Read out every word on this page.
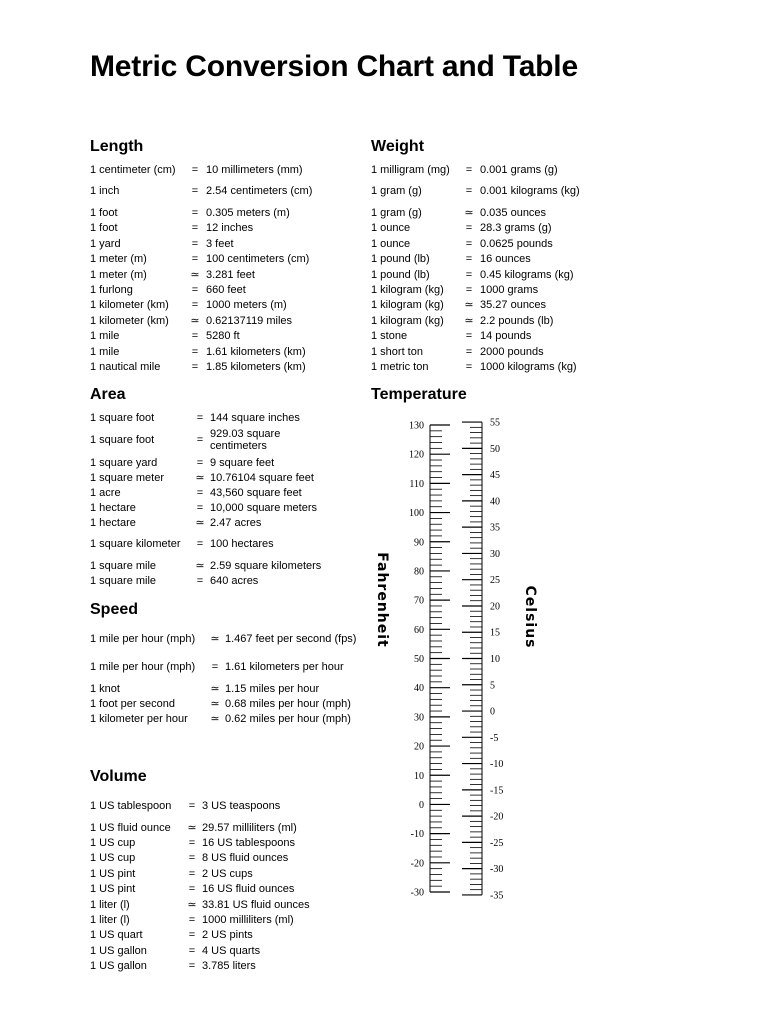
Metric Conversion Chart and Table
Length
1 centimeter (cm)	=	10 millimeters (mm)
1 inch	=	2.54 centimeters (cm)
1 foot	=	0.305 meters (m)
1 foot	=	12 inches
1 yard	=	3 feet
1 meter (m)	=	100 centimeters (cm)
1 meter (m)	≃	3.281 feet
1 furlong	=	660 feet
1 kilometer (km)	=	1000 meters (m)
1 kilometer (km)	≃	0.62137119 miles
1 mile	=	5280 ft
1 mile	=	1.61 kilometers (km)
1 nautical mile	=	1.85 kilometers (km)
Weight
1 milligram (mg)	=	0.001 grams (g)
1 gram (g)	=	0.001 kilograms (kg)
1 gram (g)	≃	0.035 ounces
1 ounce	=	28.3 grams (g)
1 ounce	=	0.0625 pounds
1 pound (lb)	=	16 ounces
1 pound (lb)	=	0.45 kilograms (kg)
1 kilogram (kg)	=	1000 grams
1 kilogram (kg)	≃	35.27 ounces
1 kilogram (kg)	≃	2.2 pounds (lb)
1 stone	=	14 pounds
1 short ton	=	2000 pounds
1 metric ton	=	1000 kilograms (kg)
Area
1 square foot	=	144 square inches
1 square foot	=	929.03 square centimeters
1 square yard	=	9 square feet
1 square meter	≃	10.76104 square feet
1 acre	=	43,560 square feet
1 hectare	=	10,000 square meters
1 hectare	≃	2.47 acres
1 square kilometer	=	100 hectares
1 square mile	≃	2.59 square kilometers
1 square mile	=	640 acres
Speed
1 mile per hour (mph)	≃	1.467 feet per second (fps)
1 mile per hour (mph)	=	1.61 kilometers per hour
1 knot	≃	1.15 miles per hour
1 foot per second	≃	0.68 miles per hour (mph)
1 kilometer per hour	≃	0.62 miles per hour (mph)
Volume
1 US tablespoon	=	3 US teaspoons
1 US fluid ounce	≃	29.57 milliliters (ml)
1 US cup	=	16 US tablespoons
1 US cup	=	8 US fluid ounces
1 US pint	=	2 US cups
1 US pint	=	16 US fluid ounces
1 liter (l)	≃	33.81 US fluid ounces
1 liter (l)	=	1000 milliliters (ml)
1 US quart	=	2 US pints
1 US gallon	=	4 US quarts
1 US gallon	=	3.785 liters
Temperature
130
120
110
100
90
80
70
60
50
40
30
20
10
0
-10
-20
-30
55
50
45
40
35
30
25
20
15
10
5
0
-5
-10
-15
-20
-25
-30
-35
Fahrenheit	Celsius
